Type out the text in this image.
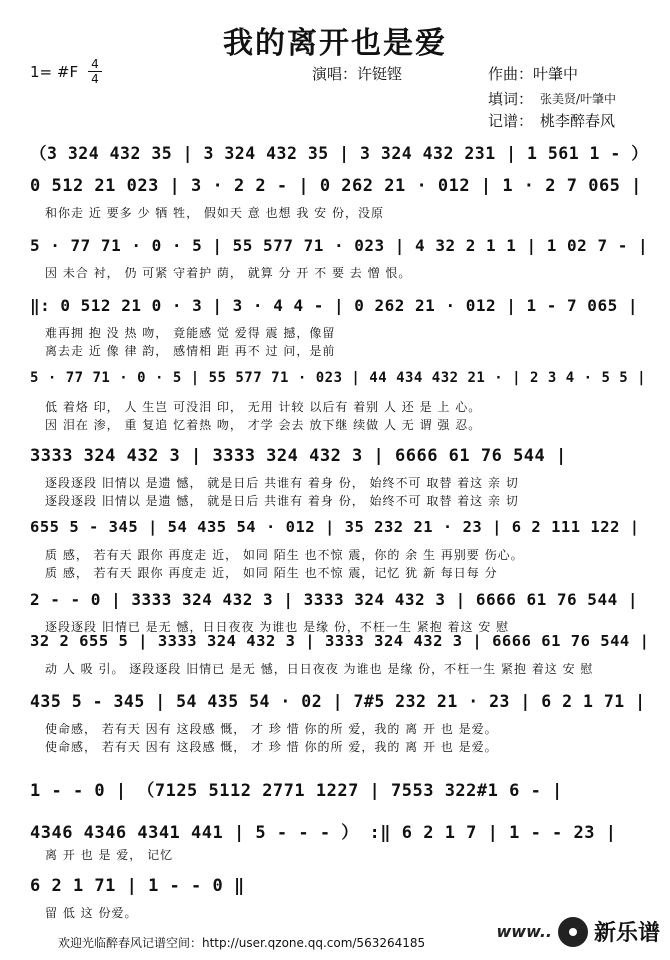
我的离开也是爱
1= #F 4
4	演唱：许铤铿	作曲：叶肇中
填词： 张美贤/叶肇中
记谱： 桃李醉春风
（3 324 432 35 | 3 324 432 35 | 3 324 432 231 | 1 561 1 - ）
0 512 21 023 | 3 · 2 2 - | 0 262 21 · 012 | 1 · 2 7 065 |
和你走 近 要多 少 牺 牲， 假如天 意 也想 我 安 份，没原
5 · 77 71 · 0 · 5 | 55 577 71 · 023 | 4 32 2 1 1 | 1 02 7 - |
因 未合 衬， 仍 可紧 守着护 荫， 就算 分 开 不 要 去 憎 恨。
‖: 0 512 21 0 · 3 | 3 · 4 4 - | 0 262 21 · 012 | 1 - 7 065 |
难再拥 抱 没 热 吻， 竟能感 觉 爱得 震 撼，像留
离去走 近 像 律 韵， 感情相 距 再不 过 问，是前
5 · 77 71 · 0 · 5 | 55 577 71 · 023 | 44 434 432 21 · | 2 3 4 · 5 5 |
低 着烙 印， 人 生岂 可没泪 印， 无用 计较 以后有 着别 人 还 是 上 心。
因 泪在 渗， 重 复追 忆着热 吻， 才学 会去 放下继 续做 人 无 谓 强 忍。
3333 324 432 3 | 3333 324 432 3 | 6666 61 76 544 |
逐段逐段 旧情以 是遗 憾， 就是日后 共谁有 着身 份， 始终不可 取替 着这 亲 切
逐段逐段 旧情以 是遗 憾， 就是日后 共谁有 着身 份， 始终不可 取替 着这 亲 切
655 5 - 345 | 54 435 54 · 012 | 35 232 21 · 23 | 6 2 111 122 |
质 感， 若有天 跟你 再度走 近， 如同 陌生 也不惊 震，你的 余 生 再别要 伤心。
质 感， 若有天 跟你 再度走 近， 如同 陌生 也不惊 震，记忆 犹 新 每日每 分
2 - - 0 | 3333 324 432 3 | 3333 324 432 3 | 6666 61 76 544 |
逐段逐段 旧情已 是无 憾，日日夜夜 为谁也 是缘 份，不枉一生 紧抱 着这 安 慰
32 2 655 5 | 3333 324 432 3 | 3333 324 432 3 | 6666 61 76 544 |
动 人 吸 引。 逐段逐段 旧情已 是无 憾，日日夜夜 为谁也 是缘 份，不枉一生 紧抱 着这 安 慰
435 5 - 345 | 54 435 54 · 02 | 7#5 232 21 · 23 | 6 2 1 71 |
使命感， 若有天 因有 这段感 慨， 才 珍 惜 你的所 爱，我的 离 开 也 是爱。
使命感， 若有天 因有 这段感 慨， 才 珍 惜 你的所 爱，我的 离 开 也 是爱。
1 - - 0 | （7125 5112 2771 1227 | 7553 322#1 6 - |
4346 4346 4341 441 | 5 - - - ） :‖ 6 2 1 7 | 1 - - 23 |
离 开 也 是 爱， 记忆
6 2 1 71 | 1 - - 0 ‖
留 低 这 份爱。
欢迎光临醉春风记谱空间：http://user.qzone.qq.com/563264185
www.. 新乐谱
